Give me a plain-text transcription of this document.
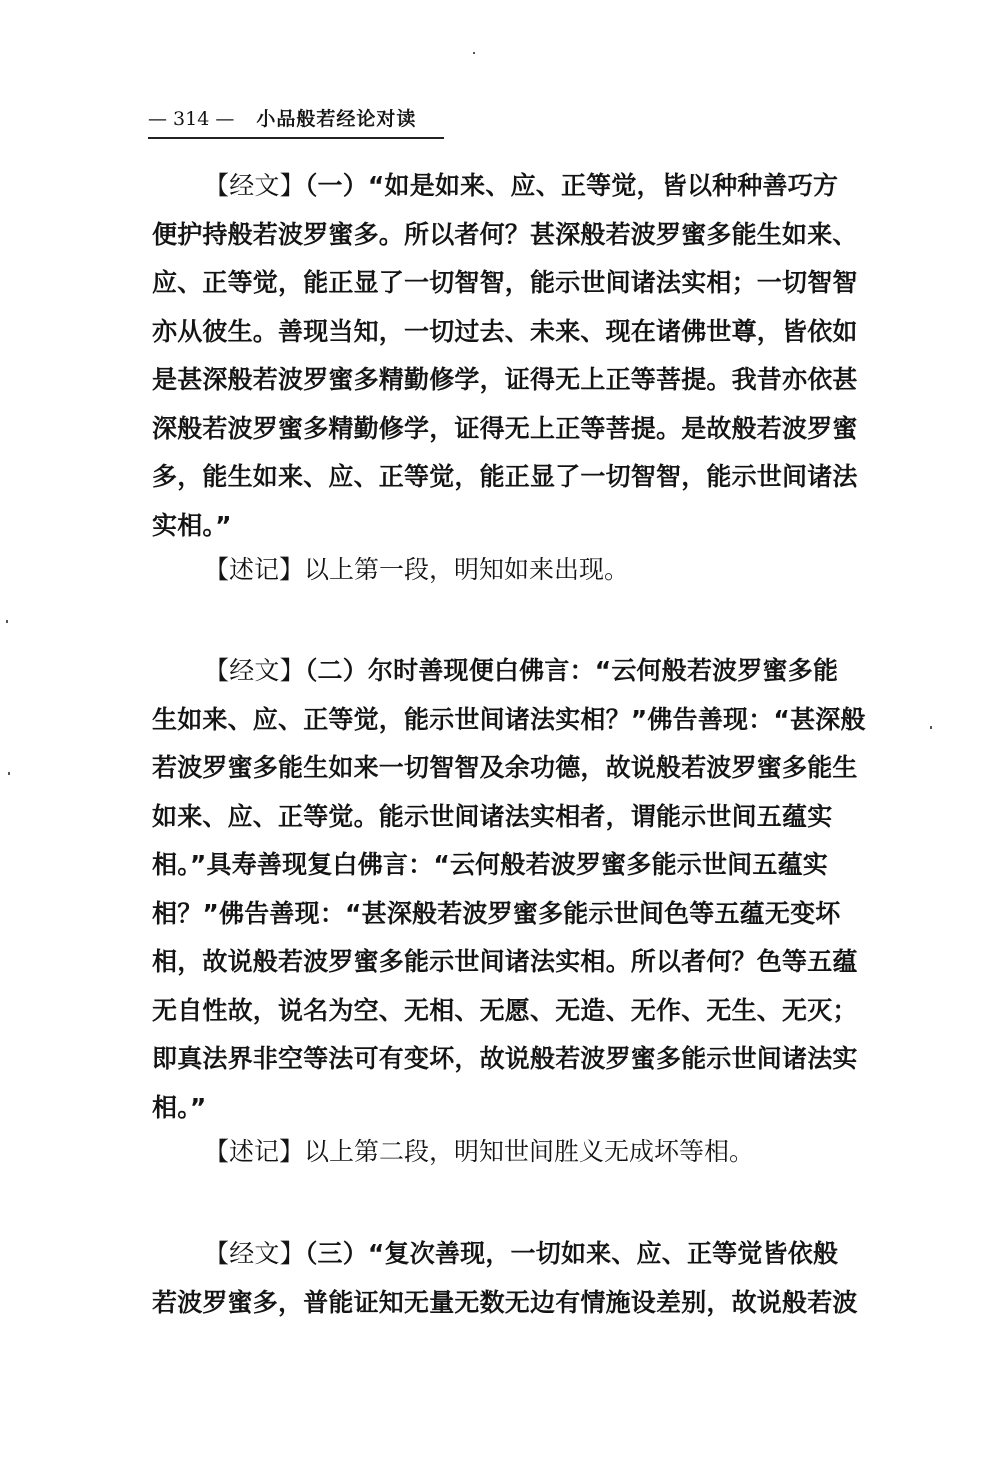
— 314 — 小品般若经论对读
【经文】（一）“如是如来、应、正等觉，皆以种种善巧方
便护持般若波罗蜜多。所以者何？甚深般若波罗蜜多能生如来、
应、正等觉，能正显了一切智智，能示世间诸法实相；一切智智
亦从彼生。善现当知，一切过去、未来、现在诸佛世尊，皆依如
是甚深般若波罗蜜多精勤修学，证得无上正等菩提。我昔亦依甚
深般若波罗蜜多精勤修学，证得无上正等菩提。是故般若波罗蜜
多，能生如来、应、正等觉，能正显了一切智智，能示世间诸法
实相。”
【述记】以上第一段，明知如来出现。
【经文】（二）尔时善现便白佛言：“云何般若波罗蜜多能
生如来、应、正等觉，能示世间诸法实相？”佛告善现：“甚深般
若波罗蜜多能生如来一切智智及余功德，故说般若波罗蜜多能生
如来、应、正等觉。能示世间诸法实相者，谓能示世间五蕴实
相。”具寿善现复白佛言：“云何般若波罗蜜多能示世间五蕴实
相？”佛告善现：“甚深般若波罗蜜多能示世间色等五蕴无变坏
相，故说般若波罗蜜多能示世间诸法实相。所以者何？色等五蕴
无自性故，说名为空、无相、无愿、无造、无作、无生、无灭；
即真法界非空等法可有变坏，故说般若波罗蜜多能示世间诸法实
相。”
【述记】以上第二段，明知世间胜义无成坏等相。
【经文】（三）“复次善现，一切如来、应、正等觉皆依般
若波罗蜜多，普能证知无量无数无边有情施设差别，故说般若波
